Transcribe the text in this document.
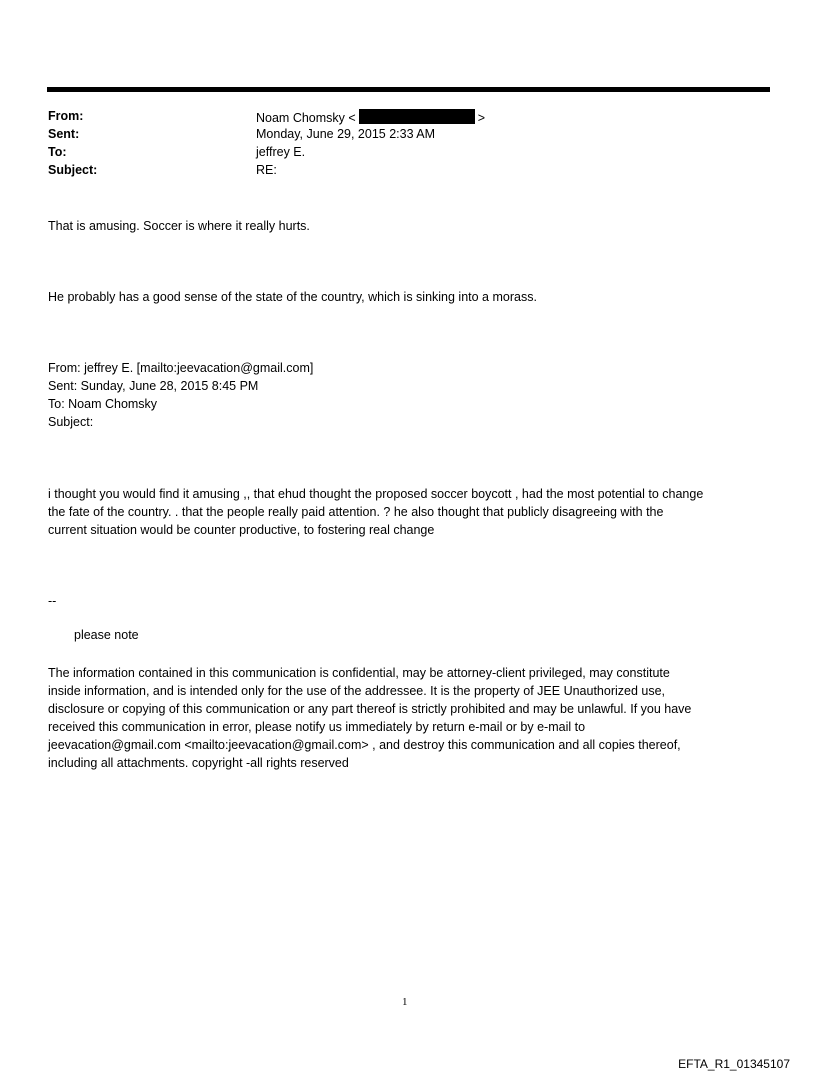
From:	Noam Chomsky <	>
Sent:	Monday, June 29, 2015 2:33 AM
To:	jeffrey E.
Subject:	RE:
That is amusing. Soccer is where it really hurts.
He probably has a good sense of the state of the country, which is sinking into a morass.
From: jeffrey E. [mailto:jeevacation@gmail.com]
Sent: Sunday, June 28, 2015 8:45 PM
To: Noam Chomsky
Subject:
i thought you would find it amusing ,, that ehud thought the proposed soccer boycott , had the most potential to change
the fate of the country. . that the people really paid attention. ? he also thought that publicly disagreeing with the
current situation would be counter productive, to fostering real change
--
please note
The information contained in this communication is confidential, may be attorney-client privileged, may constitute
inside information, and is intended only for the use of the addressee. It is the property of JEE Unauthorized use,
disclosure or copying of this communication or any part thereof is strictly prohibited and may be unlawful. If you have
received this communication in error, please notify us immediately by return e-mail or by e-mail to
jeevacation@gmail.com <mailto:jeevacation@gmail.com> , and destroy this communication and all copies thereof,
including all attachments. copyright -all rights reserved
1
EFTA_R1_01345107
